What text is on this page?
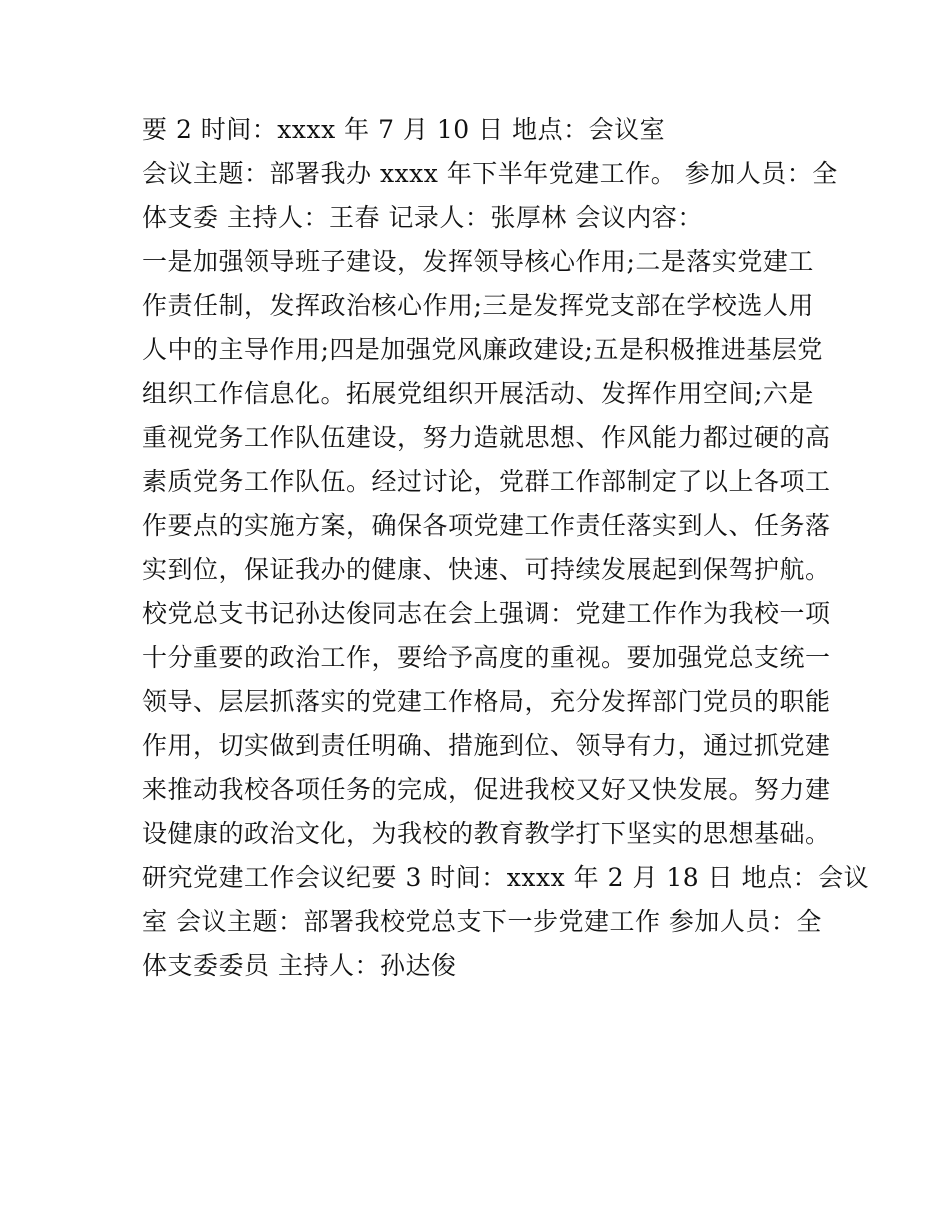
要 2 时间：xxxx 年 7 月 10 日 地点：会议室
会议主题：部署我办 xxxx 年下半年党建工作。 参加人员：全
体支委 主持人：王春 记录人：张厚林 会议内容：
一是加强领导班子建设，发挥领导核心作用;二是落实党建工
作责任制，发挥政治核心作用;三是发挥党支部在学校选人用
人中的主导作用;四是加强党风廉政建设;五是积极推进基层党
组织工作信息化。拓展党组织开展活动、发挥作用空间;六是
重视党务工作队伍建设，努力造就思想、作风能力都过硬的高
素质党务工作队伍。经过讨论，党群工作部制定了以上各项工
作要点的实施方案，确保各项党建工作责任落实到人、任务落
实到位，保证我办的健康、快速、可持续发展起到保驾护航。
校党总支书记孙达俊同志在会上强调：党建工作作为我校一项
十分重要的政治工作，要给予高度的重视。要加强党总支统一
领导、层层抓落实的党建工作格局，充分发挥部门党员的职能
作用，切实做到责任明确、措施到位、领导有力，通过抓党建
来推动我校各项任务的完成，促进我校又好又快发展。努力建
设健康的政治文化，为我校的教育教学打下坚实的思想基础。
研究党建工作会议纪要 3 时间：xxxx 年 2 月 18 日 地点：会议
室 会议主题：部署我校党总支下一步党建工作 参加人员：全
体支委委员 主持人：孙达俊
